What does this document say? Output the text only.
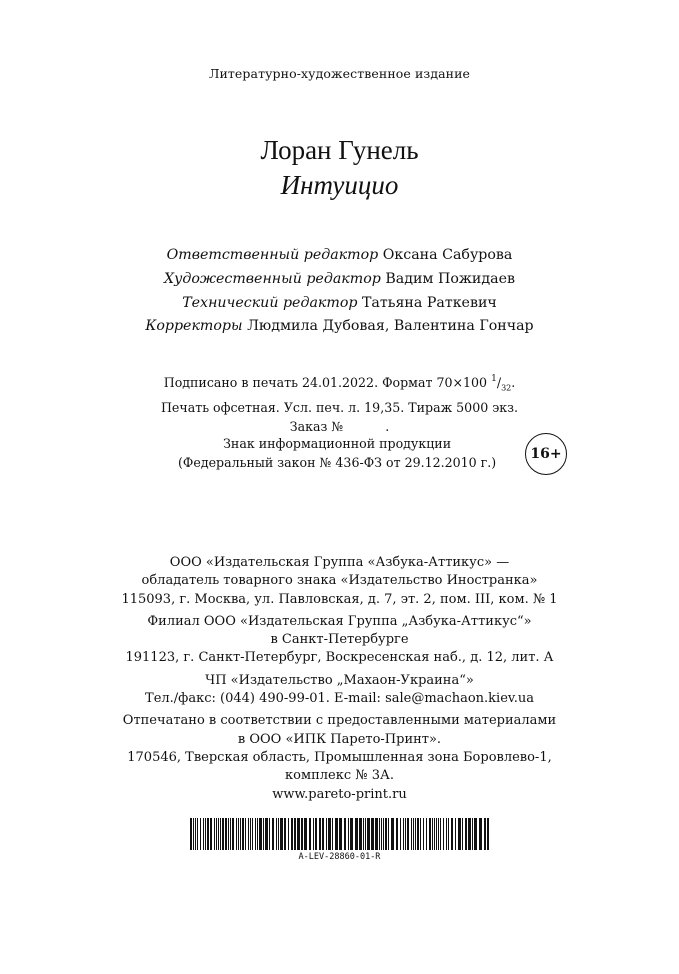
Литературно-художественное издание
Лоран Гунель
Интуицио
Ответственный редактор Оксана Сабурова
Художественный редактор Вадим Пожидаев
Технический редактор Татьяна Раткевич
Корректоры Людмила Дубовая, Валентина Гончар
Подписано в печать 24.01.2022. Формат 70×100 $^1/_{32}$.
Печать офсетная. Усл. печ. л. 19,35. Тираж 5000 экз.
Заказ №	.
Знак информационной продукции
(Федеральный закон № 436-ФЗ от 29.12.2010 г.)
16+
ООО «Издательская Группа «Азбука-Аттикус» —
обладатель товарного знака «Издательство Иностранка»
115093, г. Москва, ул. Павловская, д. 7, эт. 2, пом. III, ком. № 1
Филиал ООО «Издательская Группа „Азбука-Аттикус“»
в Санкт-Петербурге
191123, г. Санкт-Петербург, Воскресенская наб., д. 12, лит. А
ЧП «Издательство „Махаон-Украина“»
Тел./факс: (044) 490-99-01. E-mail: sale@machaon.kiev.ua
Отпечатано в соответствии с предоставленными материалами
в ООО «ИПК Парето-Принт».
170546, Тверская область, Промышленная зона Боровлево-1,
комплекс № 3А.
www.pareto-print.ru
A-LEV-28860-01-R
